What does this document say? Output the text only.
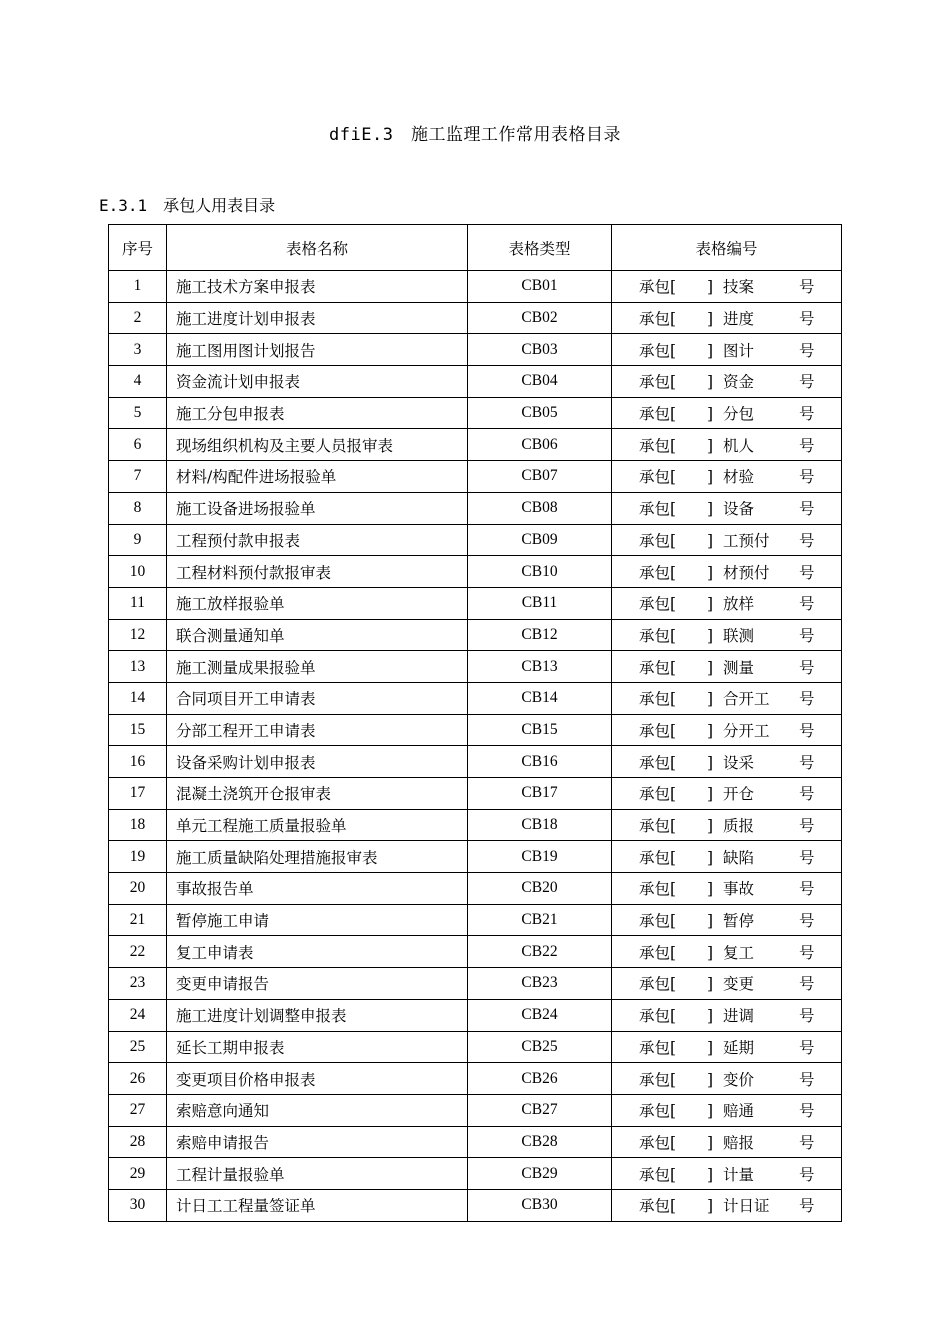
dfiE.3　施工监理工作常用表格目录
E.3.1　承包人用表目录
序号	表格名称	表格类型	表格编号
1	施工技术方案申报表	CB01	承包[　　] 技案 号
2	施工进度计划申报表	CB02	承包[　　] 进度 号
3	施工图用图计划报告	CB03	承包[　　] 图计 号
4	资金流计划申报表	CB04	承包[　　] 资金 号
5	施工分包申报表	CB05	承包[　　] 分包 号
6	现场组织机构及主要人员报审表	CB06	承包[　　] 机人 号
7	材料/构配件进场报验单	CB07	承包[　　] 材验 号
8	施工设备进场报验单	CB08	承包[　　] 设备 号
9	工程预付款申报表	CB09	承包[　　] 工预付 号
10	工程材料预付款报审表	CB10	承包[　　] 材预付 号
11	施工放样报验单	CB11	承包[　　] 放样 号
12	联合测量通知单	CB12	承包[　　] 联测 号
13	施工测量成果报验单	CB13	承包[　　] 测量 号
14	合同项目开工申请表	CB14	承包[　　] 合开工 号
15	分部工程开工申请表	CB15	承包[　　] 分开工 号
16	设备采购计划申报表	CB16	承包[　　] 设采 号
17	混凝土浇筑开仓报审表	CB17	承包[　　] 开仓 号
18	单元工程施工质量报验单	CB18	承包[　　] 质报 号
19	施工质量缺陷处理措施报审表	CB19	承包[　　] 缺陷 号
20	事故报告单	CB20	承包[　　] 事故 号
21	暂停施工申请	CB21	承包[　　] 暂停 号
22	复工申请表	CB22	承包[　　] 复工 号
23	变更申请报告	CB23	承包[　　] 变更 号
24	施工进度计划调整申报表	CB24	承包[　　] 进调 号
25	延长工期申报表	CB25	承包[　　] 延期 号
26	变更项目价格申报表	CB26	承包[　　] 变价 号
27	索赔意向通知	CB27	承包[　　] 赔通 号
28	索赔申请报告	CB28	承包[　　] 赔报 号
29	工程计量报验单	CB29	承包[　　] 计量 号
30	计日工工程量签证单	CB30	承包[　　] 计日证 号
